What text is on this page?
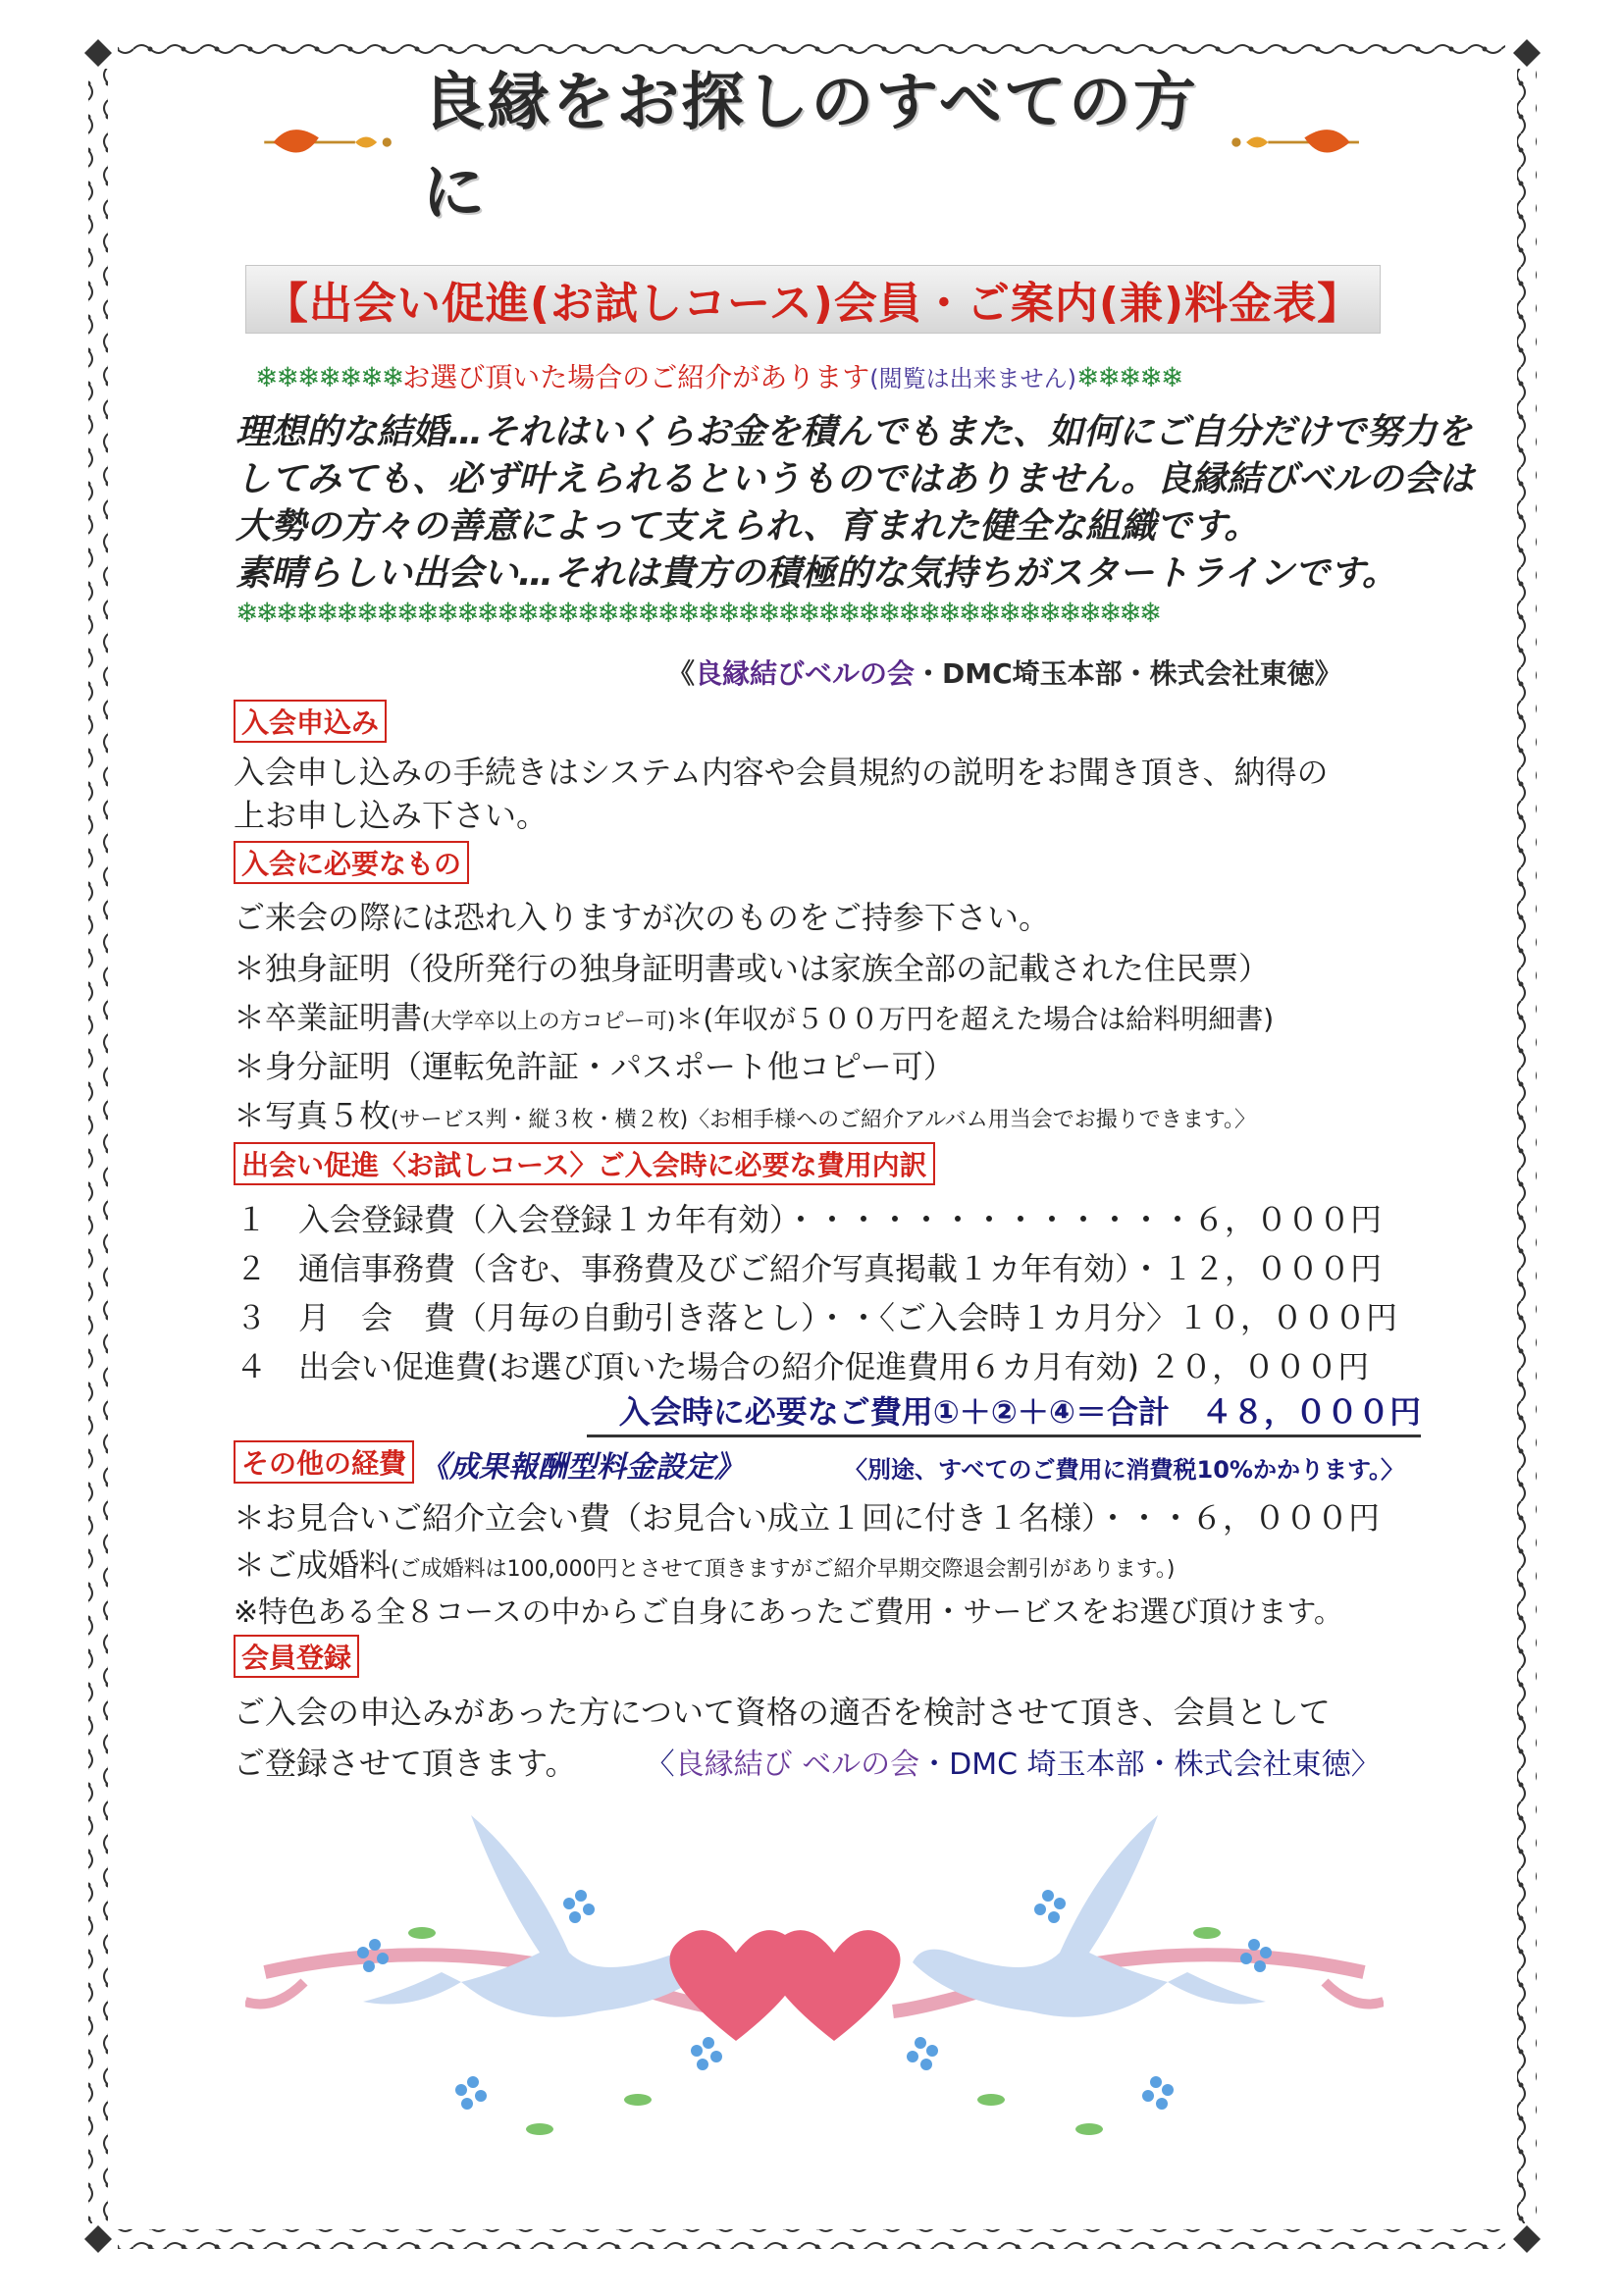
良縁をお探しのすべての方に
【出会い促進(お試しコース)会員・ご案内(兼)料金表】
❄❄❄❄❄❄❄お選び頂いた場合のご紹介があります(閲覧は出来ません)❄❄❄❄❄
理想的な結婚…それはいくらお金を積んでもまた、如何にご自分だけで努力を
してみても、必ず叶えられるというものではありません。良縁結びベルの会は
大勢の方々の善意によって支えられ、育まれた健全な組織です。
素晴らしい出会い…それは貴方の積極的な気持ちがスタートラインです。
❄❄❄❄❄❄❄❄❄❄❄❄❄❄❄❄❄❄❄❄❄❄❄❄❄❄❄❄❄❄❄❄❄❄❄❄❄❄❄❄❄❄❄❄❄❄
《良縁結びベルの会・DMC埼玉本部・株式会社東徳》
入会申込み
入会申し込みの手続きはシステム内容や会員規約の説明をお聞き頂き、納得の
上お申し込み下さい。
入会に必要なもの
ご来会の際には恐れ入りますが次のものをご持参下さい。
＊独身証明（役所発行の独身証明書或いは家族全部の記載された住民票）
＊卒業証明書(大学卒以上の方コピー可)＊(年収が５００万円を超えた場合は給料明細書)
＊身分証明（運転免許証・パスポート他コピー可）
＊写真５枚(サービス判・縦３枚・横２枚)〈お相手様へのご紹介アルバム用当会でお撮りできます。〉
出会い促進〈お試しコース〉ご入会時に必要な費用内訳
１　入会登録費（入会登録１カ年有効）・・・・・・・・・・・・・６，０００円
２　通信事務費（含む、事務費及びご紹介写真掲載１カ年有効）・１２，０００円
３　月　会　費（月毎の自動引き落とし）・・〈ご入会時１カ月分〉１０，０００円
４　出会い促進費(お選び頂いた場合の紹介促進費用６カ月有効) ２０，０００円
入会時に必要なご費用①＋②＋④＝合計　４８，０００円
その他の経費 《成果報酬型料金設定》	〈別途、すべてのご費用に消費税10%かかります。〉
＊お見合いご紹介立会い費（お見合い成立１回に付き１名様）・・・６，０００円
＊ご成婚料(ご成婚料は100,000円とさせて頂きますがご紹介早期交際退会割引があります。)
※特色ある全８コースの中からご自身にあったご費用・サービスをお選び頂けます。
会員登録
ご入会の申込みがあった方について資格の適否を検討させて頂き、会員として
ご登録させて頂きます。 〈良縁結び ベルの会・DMC 埼玉本部・株式会社東徳〉
